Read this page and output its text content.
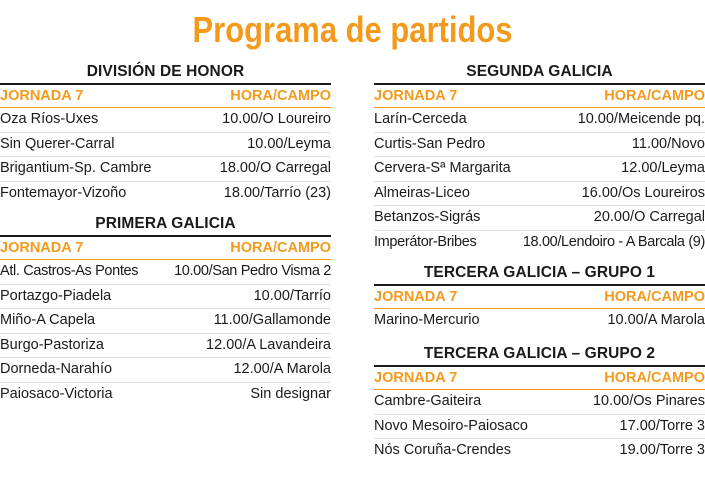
Programa de partidos
DIVISIÓN DE HONOR
JORNADA 7	HORA/CAMPO
Oza Ríos-Uxes	10.00/O Loureiro
Sin Querer-Carral	10.00/Leyma
Brigantium-Sp. Cambre	18.00/O Carregal
Fontemayor-Vizoño	18.00/Tarrío (23)
PRIMERA GALICIA
JORNADA 7	HORA/CAMPO
Atl. Castros-As Pontes 10.00/San Pedro Visma 2
Portazgo-Piadela	10.00/Tarrío
Miño-A Capela	11.00/Gallamonde
Burgo-Pastoriza	12.00/A Lavandeira
Dorneda-Narahío	12.00/A Marola
Paiosaco-Victoria	Sin designar
SEGUNDA GALICIA
JORNADA 7	HORA/CAMPO
Larín-Cerceda	10.00/Meicende pq.
Curtis-San Pedro	11.00/Novo
Cervera-Sª Margarita	12.00/Leyma
Almeiras-Liceo	16.00/Os Loureiros
Betanzos-Sigrás	20.00/O Carregal
Imperátor-Bribes	18.00/Lendoiro - A Barcala (9)
TERCERA GALICIA – GRUPO 1
JORNADA 7	HORA/CAMPO
Marino-Mercurio	10.00/A Marola
TERCERA GALICIA – GRUPO 2
JORNADA 7	HORA/CAMPO
Cambre-Gaiteira	10.00/Os Pinares
Novo Mesoiro-Paiosaco	17.00/Torre 3
Nós Coruña-Crendes	19.00/Torre 3
